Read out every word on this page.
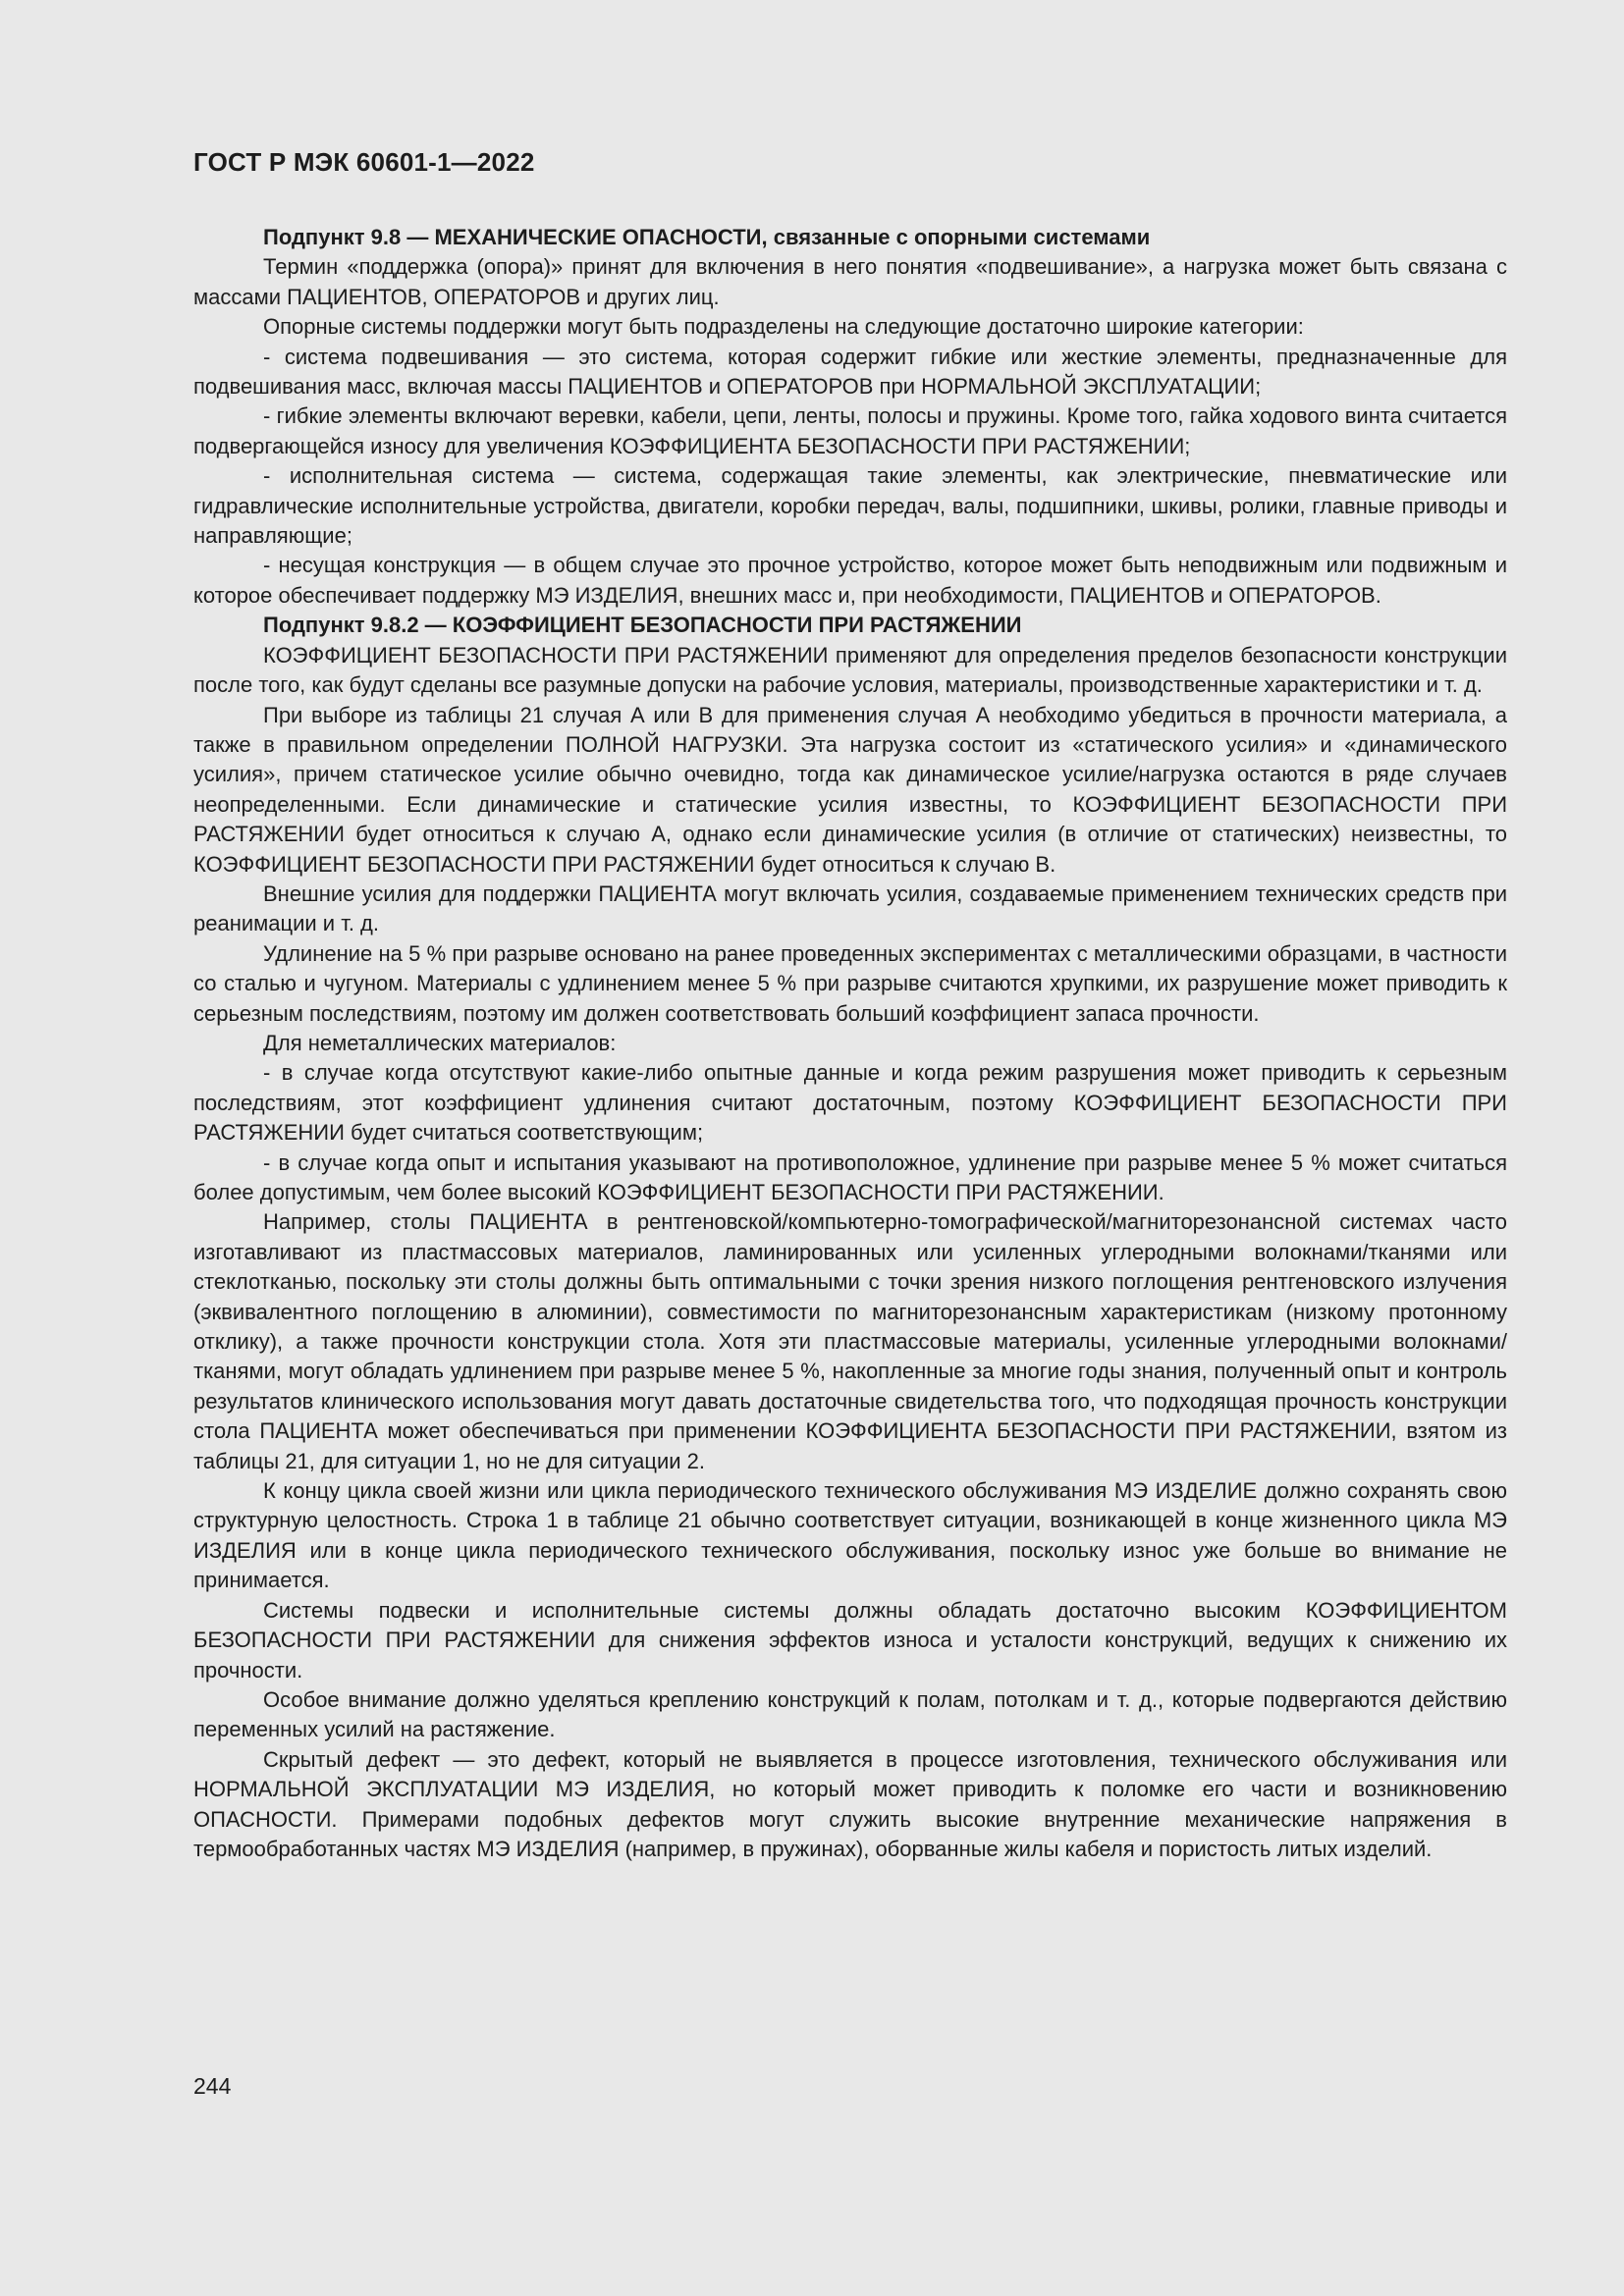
ГОСТ Р МЭК 60601-1—2022

Подпункт 9.8 — МЕХАНИЧЕСКИЕ ОПАСНОСТИ, связанные с опорными системами

Термин «поддержка (опора)» принят для включения в него понятия «подвешивание», а нагрузка может быть связана с массами ПАЦИЕНТОВ, ОПЕРАТОРОВ и других лиц.

Опорные системы поддержки могут быть подразделены на следующие достаточно широкие категории:

- система подвешивания — это система, которая содержит гибкие или жесткие элементы, предназначенные для подвешивания масс, включая массы ПАЦИЕНТОВ и ОПЕРАТОРОВ при НОРМАЛЬНОЙ ЭКСПЛУАТАЦИИ;

- гибкие элементы включают веревки, кабели, цепи, ленты, полосы и пружины. Кроме того, гайка ходового винта считается подвергающейся износу для увеличения КОЭФФИЦИЕНТА БЕЗОПАСНОСТИ ПРИ РАСТЯЖЕНИИ;

- исполнительная система — система, содержащая такие элементы, как электрические, пневматические или гидравлические исполнительные устройства, двигатели, коробки передач, валы, подшипники, шкивы, ролики, главные приводы и направляющие;

- несущая конструкция — в общем случае это прочное устройство, которое может быть неподвижным или подвижным и которое обеспечивает поддержку МЭ ИЗДЕЛИЯ, внешних масс и, при необходимости, ПАЦИЕНТОВ и ОПЕРАТОРОВ.

Подпункт 9.8.2 — КОЭФФИЦИЕНТ БЕЗОПАСНОСТИ ПРИ РАСТЯЖЕНИИ

КОЭФФИЦИЕНТ БЕЗОПАСНОСТИ ПРИ РАСТЯЖЕНИИ применяют для определения пределов безопасности конструкции после того, как будут сделаны все разумные допуски на рабочие условия, материалы, производственные характеристики и т. д.

При выборе из таблицы 21 случая А или В для применения случая А необходимо убедиться в прочности материала, а также в правильном определении ПОЛНОЙ НАГРУЗКИ. Эта нагрузка состоит из «статического усилия» и «динамического усилия», причем статическое усилие обычно очевидно, тогда как динамическое усилие/нагрузка остаются в ряде случаев неопределенными. Если динамические и статические усилия известны, то КОЭФФИЦИЕНТ БЕЗОПАСНОСТИ ПРИ РАСТЯЖЕНИИ будет относиться к случаю А, однако если динамические усилия (в отличие от статических) неизвестны, то КОЭФФИЦИЕНТ БЕЗОПАСНОСТИ ПРИ РАСТЯЖЕНИИ будет относиться к случаю В.

Внешние усилия для поддержки ПАЦИЕНТА могут включать усилия, создаваемые применением технических средств при реанимации и т. д.

Удлинение на 5 % при разрыве основано на ранее проведенных экспериментах с металлическими образцами, в частности со сталью и чугуном. Материалы с удлинением менее 5 % при разрыве считаются хрупкими, их разрушение может приводить к серьезным последствиям, поэтому им должен соответствовать больший коэффициент запаса прочности.

Для неметаллических материалов:

- в случае когда отсутствуют какие-либо опытные данные и когда режим разрушения может приводить к серьезным последствиям, этот коэффициент удлинения считают достаточным, поэтому КОЭФФИЦИЕНТ БЕЗОПАСНОСТИ ПРИ РАСТЯЖЕНИИ будет считаться соответствующим;

- в случае когда опыт и испытания указывают на противоположное, удлинение при разрыве менее 5 % может считаться более допустимым, чем более высокий КОЭФФИЦИЕНТ БЕЗОПАСНОСТИ ПРИ РАСТЯЖЕНИИ.

Например, столы ПАЦИЕНТА в рентгеновской/компьютерно-томографической/магниторезонансной системах часто изготавливают из пластмассовых материалов, ламинированных или усиленных углеродными волокнами/тканями или стеклотканью, поскольку эти столы должны быть оптимальными с точки зрения низкого поглощения рентгеновского излучения (эквивалентного поглощению в алюминии), совместимости по магниторезонансным характеристикам (низкому протонному отклику), а также прочности конструкции стола. Хотя эти пластмассовые материалы, усиленные углеродными волокнами/тканями, могут обладать удлинением при разрыве менее 5 %, накопленные за многие годы знания, полученный опыт и контроль результатов клинического использования могут давать достаточные свидетельства того, что подходящая прочность конструкции стола ПАЦИЕНТА может обеспечиваться при применении КОЭФФИЦИЕНТА БЕЗОПАСНОСТИ ПРИ РАСТЯЖЕНИИ, взятом из таблицы 21, для ситуации 1, но не для ситуации 2.

К концу цикла своей жизни или цикла периодического технического обслуживания МЭ ИЗДЕЛИЕ должно сохранять свою структурную целостность. Строка 1 в таблице 21 обычно соответствует ситуации, возникающей в конце жизненного цикла МЭ ИЗДЕЛИЯ или в конце цикла периодического технического обслуживания, поскольку износ уже больше во внимание не принимается.

Системы подвески и исполнительные системы должны обладать достаточно высоким КОЭФФИЦИЕНТОМ БЕЗОПАСНОСТИ ПРИ РАСТЯЖЕНИИ для снижения эффектов износа и усталости конструкций, ведущих к снижению их прочности.

Особое внимание должно уделяться креплению конструкций к полам, потолкам и т. д., которые подвергаются действию переменных усилий на растяжение.

Скрытый дефект — это дефект, который не выявляется в процессе изготовления, технического обслуживания или НОРМАЛЬНОЙ ЭКСПЛУАТАЦИИ МЭ ИЗДЕЛИЯ, но который может приводить к поломке его части и возникновению ОПАСНОСТИ. Примерами подобных дефектов могут служить высокие внутренние механические напряжения в термообработанных частях МЭ ИЗДЕЛИЯ (например, в пружинах), оборванные жилы кабеля и пористость литых изделий.

244
